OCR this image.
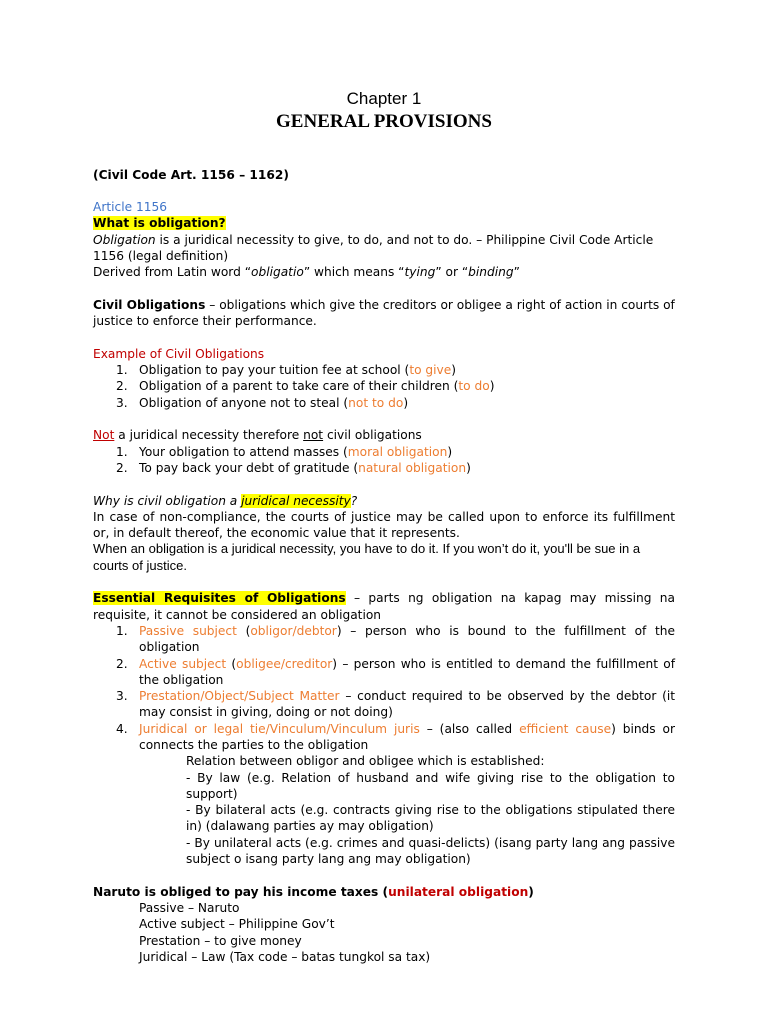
Chapter 1
GENERAL PROVISIONS

(Civil Code Art. 1156 – 1162)

Article 1156

What is obligation?

Obligation is a juridical necessity to give, to do, and not to do. – Philippine Civil Code Article 1156 (legal definition)

Derived from Latin word “obligatio” which means “tying” or “binding”

Civil Obligations – obligations which give the creditors or obligee a right of action in courts of justice to enforce their performance.

Example of Civil Obligations

1. Obligation to pay your tuition fee at school (to give)
2. Obligation of a parent to take care of their children (to do)
3. Obligation of anyone not to steal (not to do)

Not a juridical necessity therefore not civil obligations

1. Your obligation to attend masses (moral obligation)
2. To pay back your debt of gratitude (natural obligation)

Why is civil obligation a juridical necessity?

In case of non-compliance, the courts of justice may be called upon to enforce its fulfillment or, in default thereof, the economic value that it represents.

When an obligation is a juridical necessity, you have to do it. If you won’t do it, you'll be sue in a courts of justice.

Essential Requisites of Obligations – parts ng obligation na kapag may missing na requisite, it cannot be considered an obligation

1. Passive subject (obligor/debtor) – person who is bound to the fulfillment of the obligation
2. Active subject (obligee/creditor) – person who is entitled to demand the fulfillment of the obligation
3. Prestation/Object/Subject Matter – conduct required to be observed by the debtor (it may consist in giving, doing or not doing)
4. Juridical or legal tie/Vinculum/Vinculum juris – (also called efficient cause) binds or connects the parties to the obligation

Relation between obligor and obligee which is established:

- By law (e.g. Relation of husband and wife giving rise to the obligation to support)

- By bilateral acts (e.g. contracts giving rise to the obligations stipulated there in) (dalawang parties ay may obligation)

- By unilateral acts (e.g. crimes and quasi-delicts) (isang party lang ang passive subject o isang party lang ang may obligation)

Naruto is obliged to pay his income taxes (unilateral obligation)

Passive – Naruto

Active subject – Philippine Gov’t

Prestation – to give money

Juridical – Law (Tax code – batas tungkol sa tax)
